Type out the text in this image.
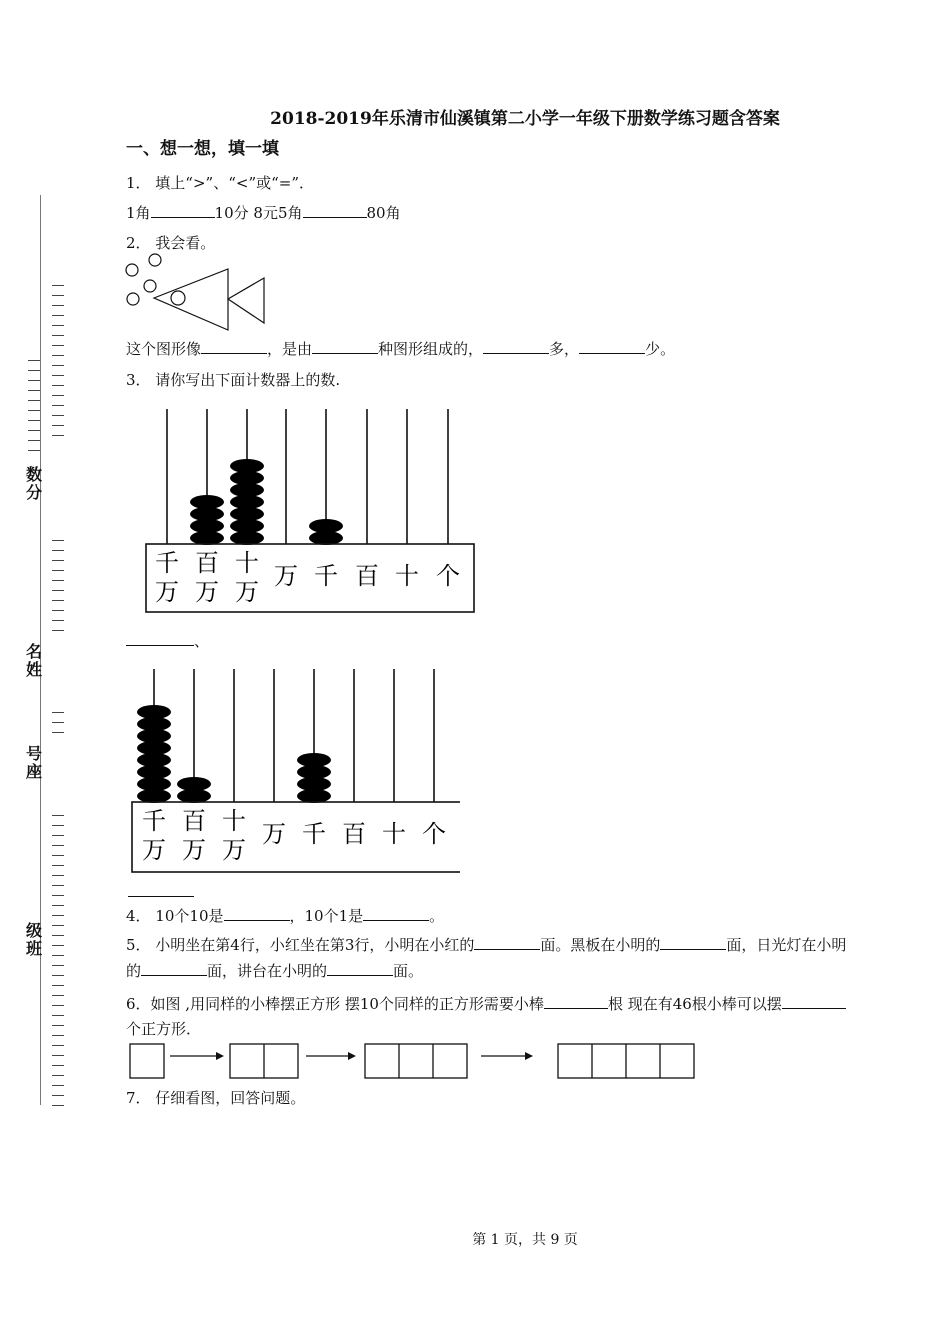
数分
名姓
号座
级班
2018-2019年乐清市仙溪镇第二小学一年级下册数学练习题含答案
一、想一想，填一填
1． 填上“>”、“<”或“=”．
1角	10分 8元5角	80角
2． 我会看。
这个图形像	，是由	种图形组成的，	多，	少。
3． 请你写出下面计数器上的数.
千
万
百
万
十
万
万 千 百 十 个
、
千
万
百
万
十
万
万 千 百 十 个
4． 10个10是	，10个1是	。
5． 小明坐在第4行，小红坐在第3行，小明在小红的	面。黑板在小明的	面，日光灯在小明
的	面，讲台在小明的	面。
6．如图 ,用同样的小棒摆正方形 摆10个同样的正方形需要小棒	根 现在有46根小棒可以摆
个正方形．
7． 仔细看图，回答问题。
第 1 页，共 9 页
